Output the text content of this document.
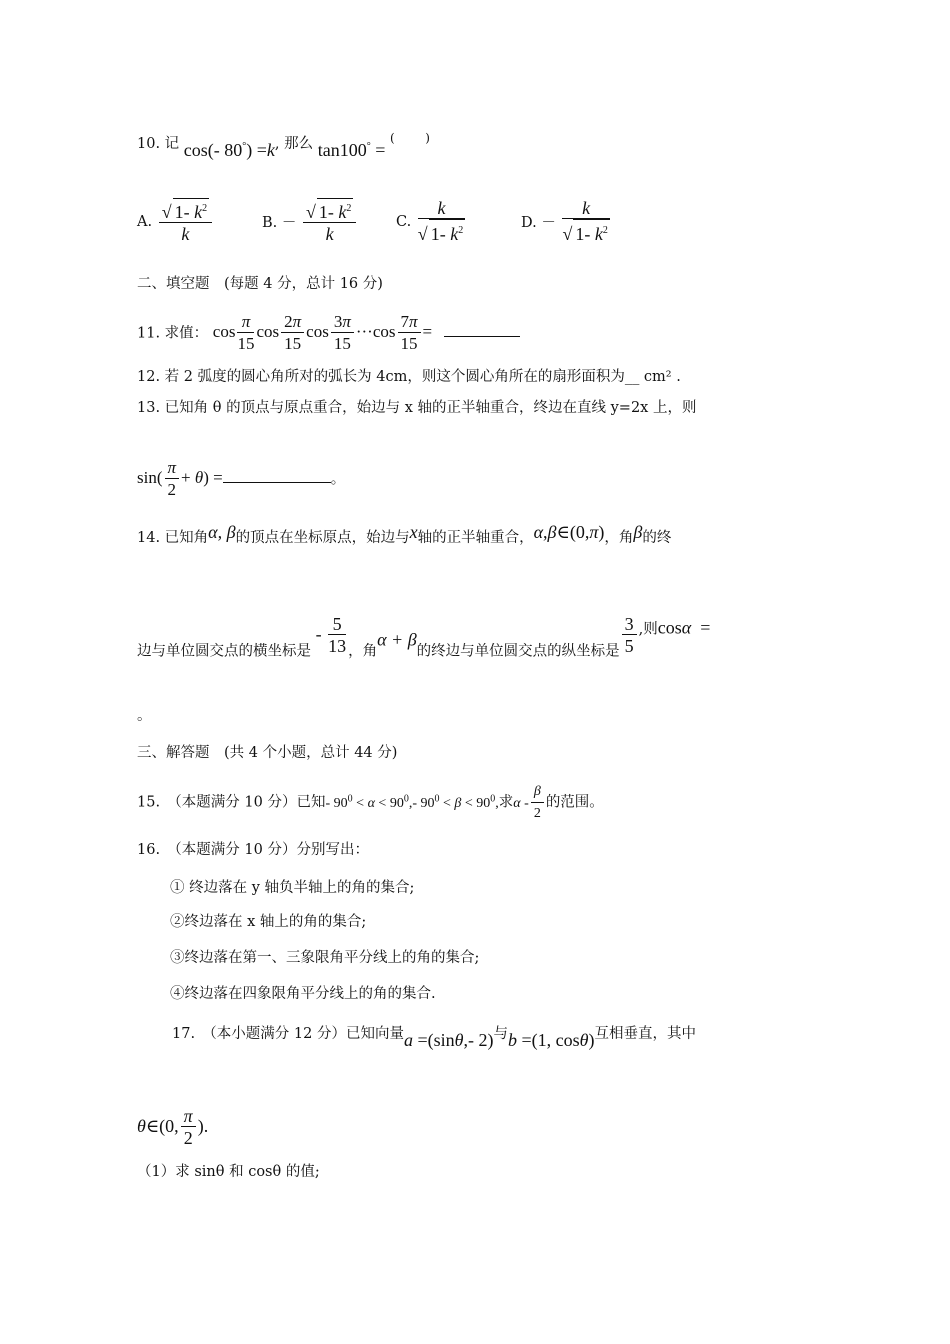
10. 记 cos(- 80°) =k, 那么 tan100° = (        )
A. $\frac{√ 1- k^2}{k}$	B. － $\frac{√ 1- k^2}{k}$	C. $\frac{k}{√ 1- k^2}$	D. － $\frac{k}{√ 1- k^2}$
二、填空题　(每题 4 分，总计 16 分)
11. 求值： $\cos \frac{\pi}{15}$ $\cos \frac{2\pi}{15}$ $\cos \frac{3\pi}{15} \cdot\cdot\cdot\cos \frac{7\pi}{15}$ =
12. 若 2 弧度的圆心角所对的弧长为 4cm，则这个圆心角所在的扇形面积为__ cm² .
13. 已知角 θ 的顶点与原点重合，始边与 x 轴的正半轴重合，终边在直线 y=2x 上，则
$\sin( \frac{\pi}{2} + \theta)$ =	。
14. 已知角α, β的顶点在坐标原点，始边与x轴的正半轴重合，α,β∈(0,π)，角β的终
边与单位圆交点的横坐标是 - $\frac{5}{13}$ ，角α + β的终边与单位圆交点的纵坐标是 $\frac{3}{5}$ ,则cosα  =
。
三、解答题　(共 4 个小题，总计 44 分)
15.　（本题满分 10 分）已知- $90^0 < \alpha < 90^0,-$ $90^0 < \beta < 90^0$,求α - $\frac{\beta}{2}$ 的范围。
16.　（本题满分 10 分）分别写出：
① 终边落在 y 轴负半轴上的角的集合;
②终边落在 x 轴上的角的集合;
③终边落在第一、三象限角平分线上的角的集合;
④终边落在四象限角平分线上的角的集合.
17.　（本小题满分 12 分）已知向量a =(sinθ,- 2)与b =(1, cosθ)互相垂直，其中
θ∈(0, $\frac{\pi}{2}$ ).
（1）求 sinθ 和 cosθ 的值;
